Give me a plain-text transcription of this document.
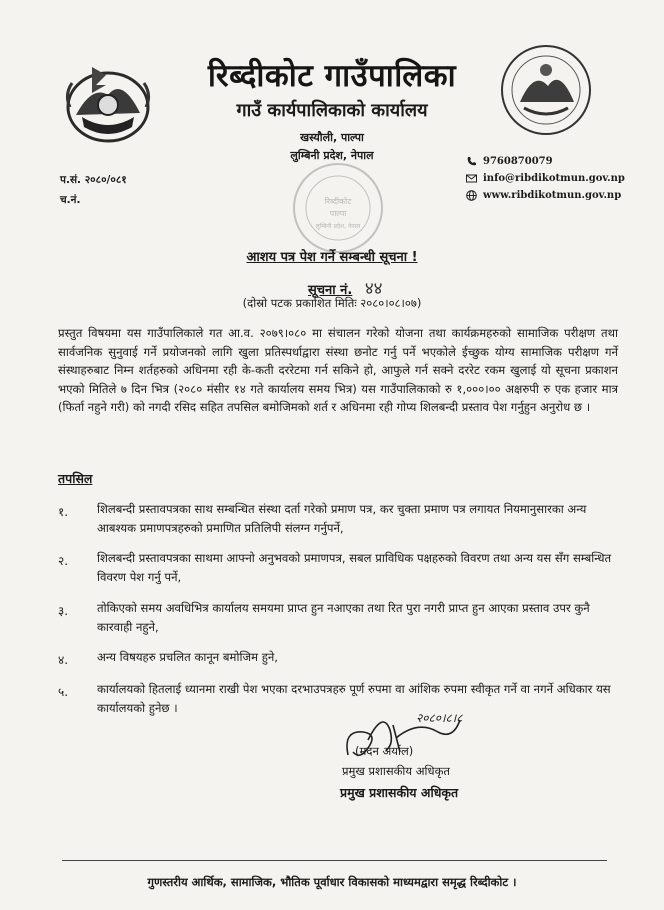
रिब्दीकोट गाउँपालिका
गाउँ कार्यपालिकाको कार्यालय
खस्यौली, पाल्पा
लुम्बिनी प्रदेश, नेपाल	9760870079
info@ribdikotmun.gov.np
www.ribdikotmun.gov.np
प.सं. २०८०/०८१
च.नं.	रिब्दीकोट
पाल्पा
लुम्बिनी प्रदेश, नेपाल
आशय पत्र पेश गर्ने सम्बन्धी सूचना !
सूचना नं. ४४
(दोस्रो पटक प्रकाशित मितिः २०८०।०८।०७)
प्रस्तुत विषयमा यस गाउँपालिकाले गत आ.व. २०७९।०८० मा संचालन गरेको योजना तथा कार्यक्रमहरुको सामाजिक परीक्षण तथा सार्वजनिक सुनुवाई गर्ने प्रयोजनको लागि खुला प्रतिस्पर्धाद्वारा संस्था छनोट गर्नु पर्ने भएकोले ईच्छुक योग्य सामाजिक परीक्षण गर्ने संस्थाहरुबाट निम्न शर्तहरुको अधिनमा रही के-कती दररेटमा गर्न सकिने हो, आफुले गर्न सक्ने दररेट रकम खुलाई यो सूचना प्रकाशन भएको मितिले ७ दिन भित्र (२०८० मंसीर १४ गते कार्यालय समय भित्र) यस गाउँपालिकाको रु १,०००।०० अक्षरुपी रु एक हजार मात्र (फिर्ता नहुने गरी) को नगदी रसिद सहित तपसिल बमोजिमको शर्त र अधिनमा रही गोप्य शिलबन्दी प्रस्ताव पेश गर्नुहुन अनुरोध छ ।
तपसिल
१. शिलबन्दी प्रस्तावपत्रका साथ सम्बन्धित संस्था दर्ता गरेको प्रमाण पत्र, कर चुक्ता प्रमाण पत्र लगायत नियमानुसारका अन्य आबश्यक प्रमाणपत्रहरुको प्रमाणित प्रतिलिपी संलग्न गर्नुपर्ने,
२. शिलबन्दी प्रस्तावपत्रका साथमा आफ्नो अनुभवको प्रमाणपत्र, सबल प्राविधिक पक्षहरुको विवरण तथा अन्य यस सँग सम्बन्धित विवरण पेश गर्नु पर्ने,
३. तोकिएको समय अवधिभित्र कार्यालय समयमा प्राप्त हुन नआएका तथा रित पुरा नगरी प्राप्त हुन आएका प्रस्ताव उपर कुनै कारवाही नहुने,
४. अन्य विषयहरु प्रचलित कानून बमोजिम हुने,
५. कार्यालयको हितलाई ध्यानमा राखी पेश भएका दरभाउपत्रहरु पूर्ण रुपमा वा आंशिक रुपमा स्वीकृत गर्ने वा नगर्ने अधिकार यस कार्यालयको हुनेछ ।
२०८०।८।८
(मदन अर्याल)
प्रमुख प्रशासकीय अधिकृत
प्रमुख प्रशासकीय अधिकृत
गुणस्तरीय आर्थिक, सामाजिक, भौतिक पूर्वाधार विकासको माध्यमद्वारा समृद्ध रिब्दीकोट ।
